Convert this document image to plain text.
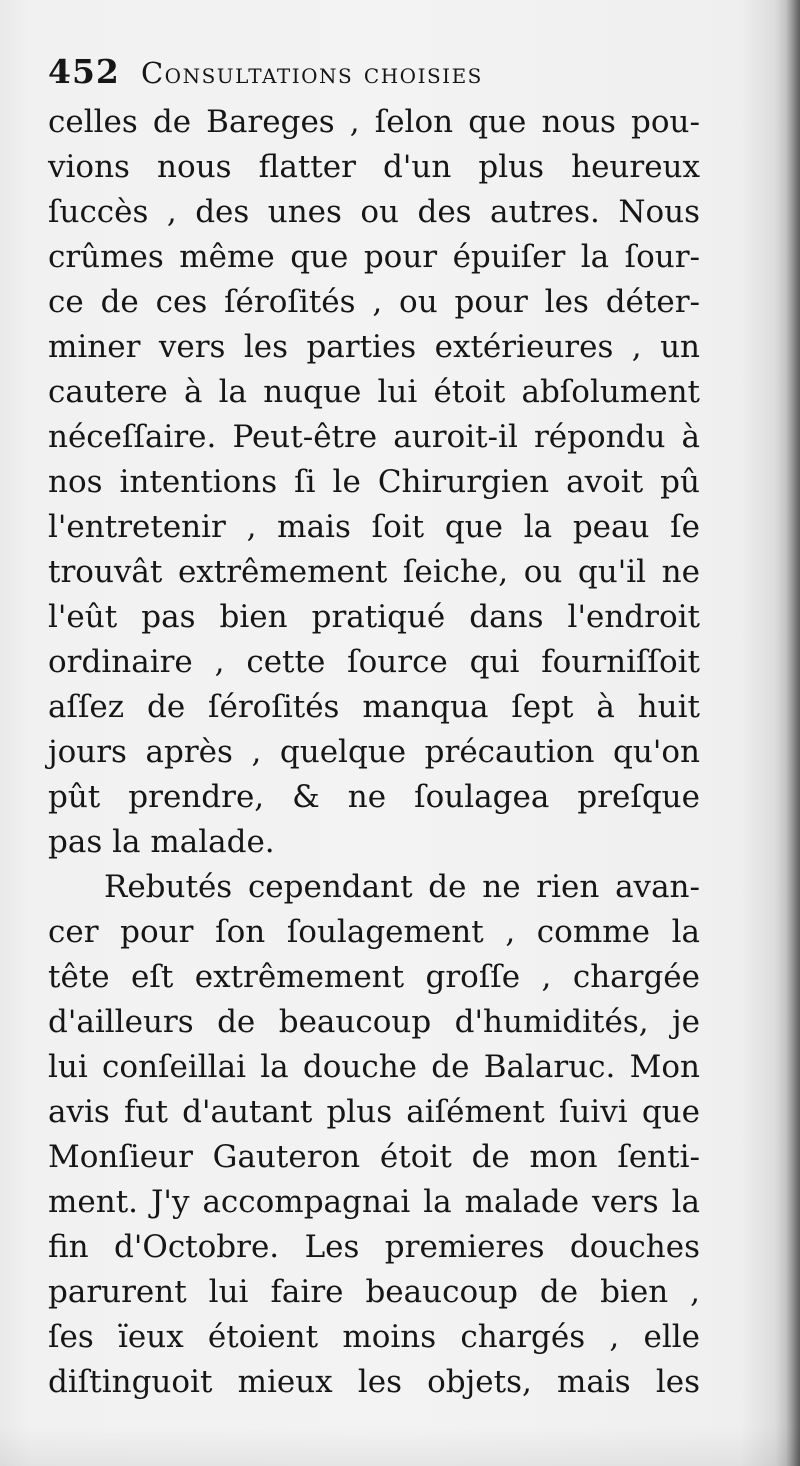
452 Consultations choisies
celles de Bareges , ſelon que nous pou-
vions nous flatter d'un plus heureux
ſuccès , des unes ou des autres. Nous
crûmes même que pour épuiſer la ſour-
ce de ces ſéroſités , ou pour les déter-
miner vers les parties extérieures , un
cautere à la nuque lui étoit abſolument
néceſſaire. Peut-être auroit-il répondu à
nos intentions ſi le Chirurgien avoit pû
l'entretenir , mais ſoit que la peau ſe
trouvât extrêmement ſeiche, ou qu'il ne
l'eût pas bien pratiqué dans l'endroit
ordinaire , cette ſource qui fourniſſoit
aſſez de ſéroſités manqua ſept à huit
jours après , quelque précaution qu'on
pût prendre, & ne ſoulagea preſque
pas la malade.
Rebutés cependant de ne rien avan-
cer pour ſon ſoulagement , comme la
tête eſt extrêmement groſſe , chargée
d'ailleurs de beaucoup d'humidités, je
lui conſeillai la douche de Balaruc. Mon
avis fut d'autant plus aiſément ſuivi que
Monſieur Gauteron étoit de mon ſenti-
ment. J'y accompagnai la malade vers la
fin d'Octobre. Les premieres douches
parurent lui faire beaucoup de bien ,
ſes ïeux étoient moins chargés , elle
diſtinguoit mieux les objets, mais les
